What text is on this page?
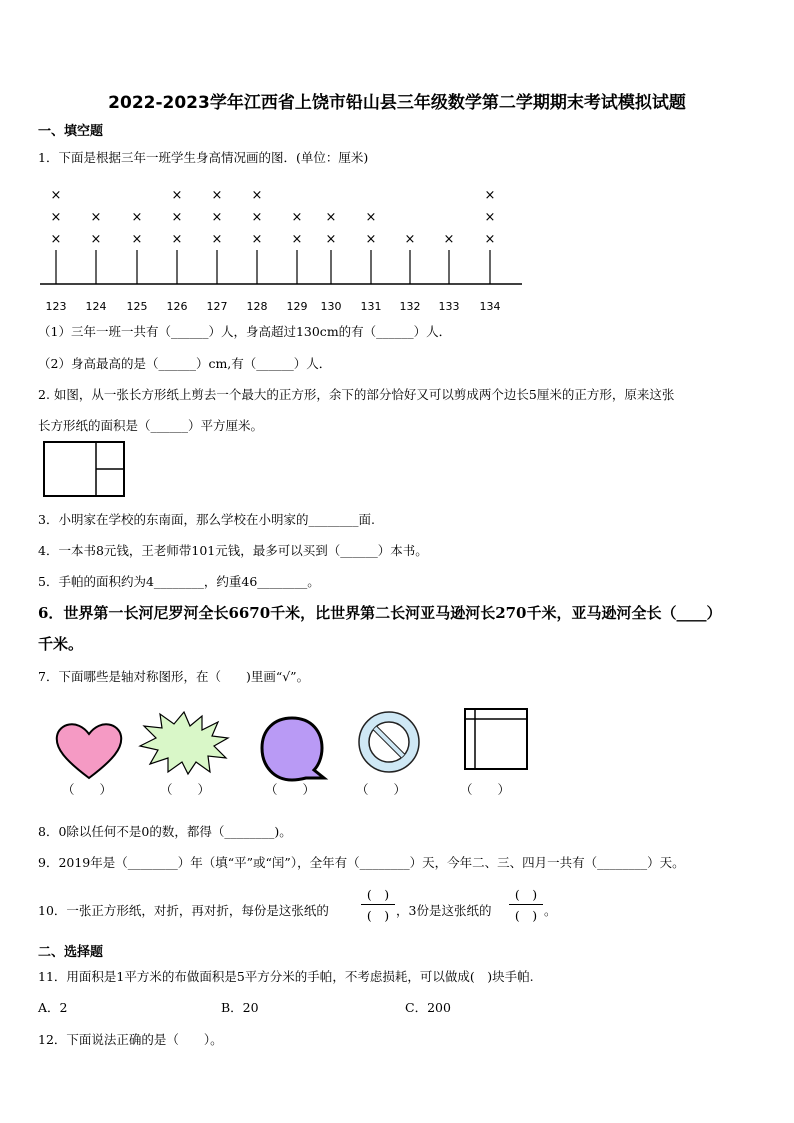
2022-2023学年江西省上饶市铅山县三年级数学第二学期期末考试模拟试题
一、填空题
1．下面是根据三年一班学生身高情况画的图．(单位：厘米)
123
×
×
×
124
×
×
125
×
×
126
×
×
×
127
×
×
×
128
×
×
×
129
×
×
130
×
×
131
×
×
132
×
133
×
134
×
×
×
（1）三年一班一共有（______）人，身高超过130cm的有（______）人．
（2）身高最高的是（______）cm,有（______）人．
2. 如图，从一张长方形纸上剪去一个最大的正方形，余下的部分恰好又可以剪成两个边长5厘米的正方形，原来这张
长方形纸的面积是（______）平方厘米。
3．小明家在学校的东南面，那么学校在小明家的________面.
4．一本书8元钱，王老师带101元钱，最多可以买到（______）本书。
5．手帕的面积约为4________，约重46________。
6．世界第一长河尼罗河全长6670千米，比世界第二长河亚马逊河长270千米，亚马逊河全长（____）
千米。
7．下面哪些是轴对称图形，在（　　)里画“√”。
（　　）	（　　）	（　　）	（　　）	（　　）
8．0除以任何不是0的数，都得（________)。
9．2019年是（________）年（填“平”或“闰”），全年有（________）天，今年二、三、四月一共有（________）天。
10．一张正方形纸，对折，再对折，每份是这张纸的
(　)
(　) ，3份是这张纸的
(　)
(　) 。
二、选择题
11．用面积是1平方米的布做面积是5平方分米的手帕，不考虑损耗，可以做成(　)块手帕.
A．2	B．20	C．200
12．下面说法正确的是（　　）。
